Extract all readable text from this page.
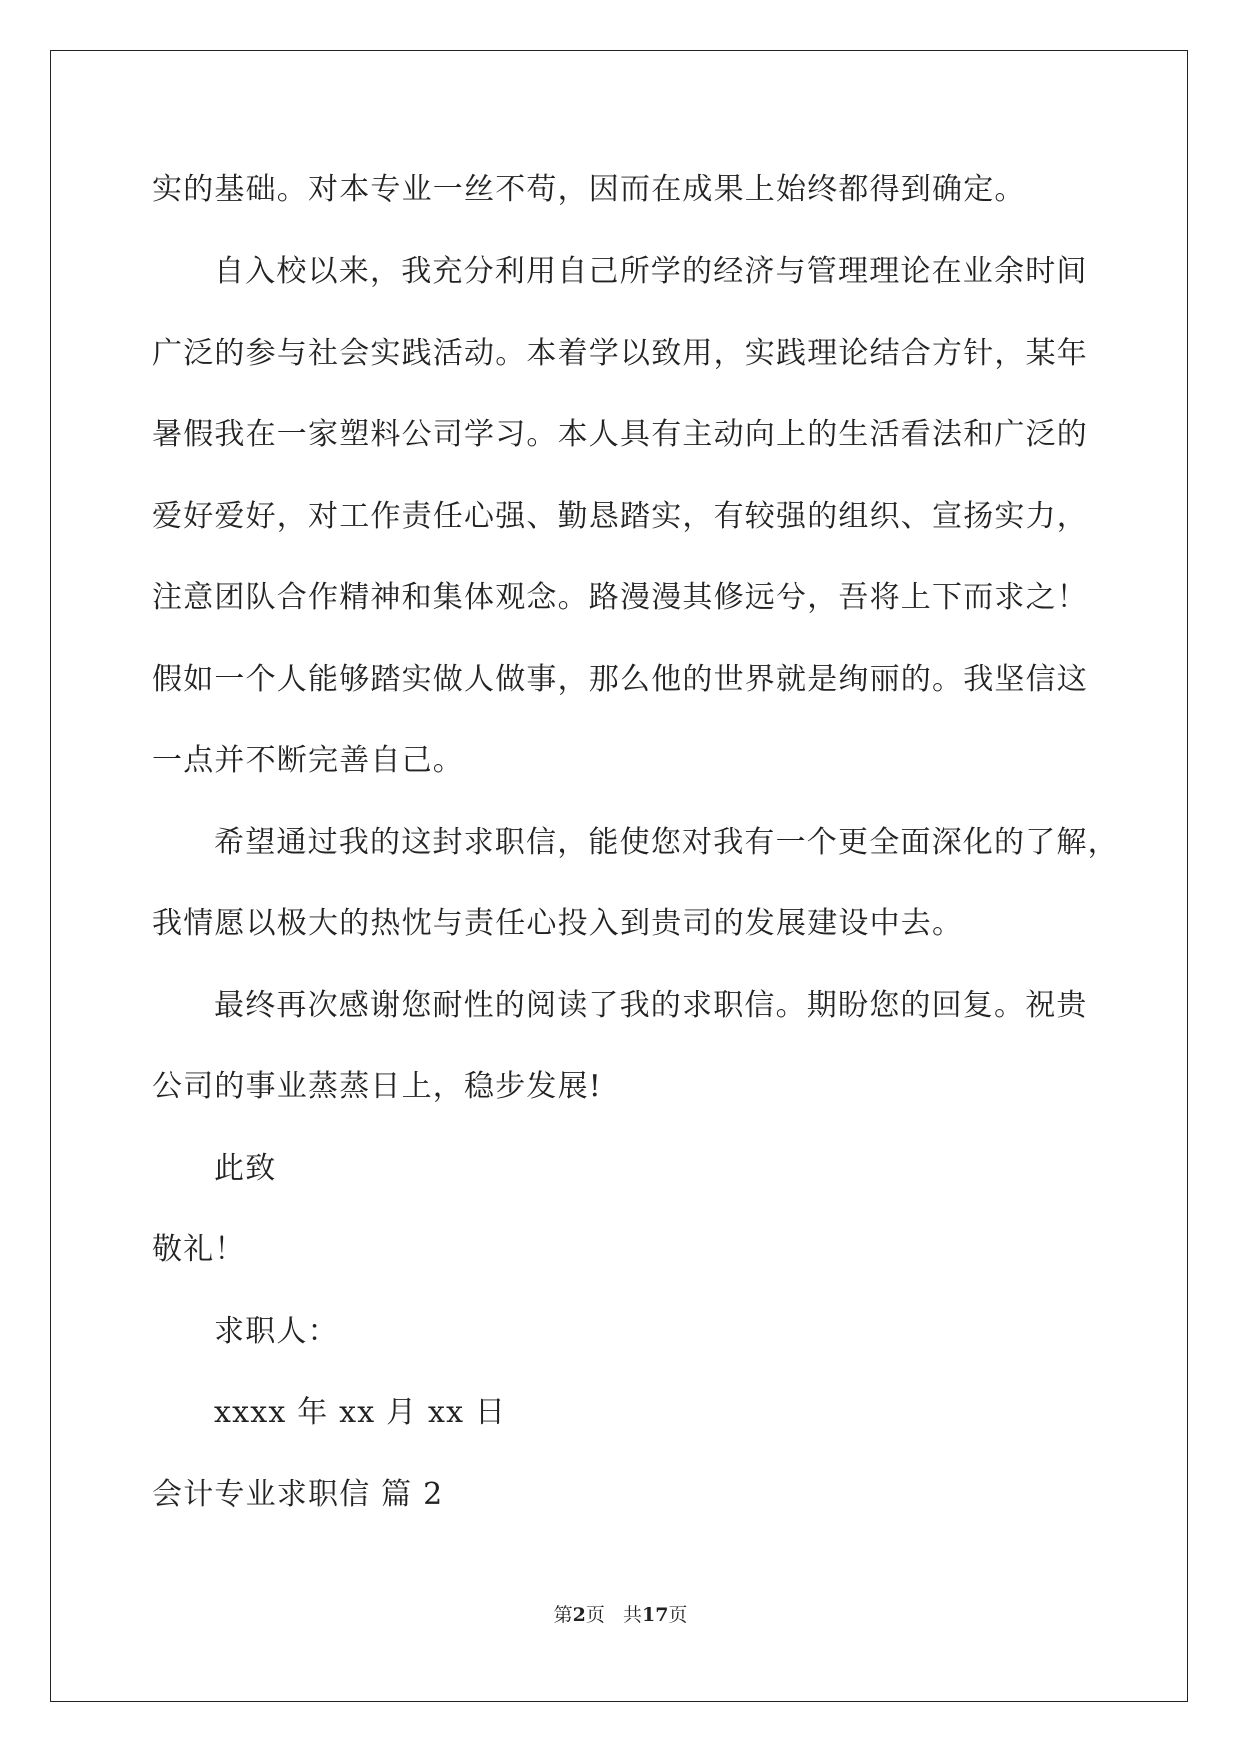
实的基础。对本专业一丝不苟，因而在成果上始终都得到确定。
自入校以来，我充分利用自己所学的经济与管理理论在业余时间
广泛的参与社会实践活动。本着学以致用，实践理论结合方针，某年
暑假我在一家塑料公司学习。本人具有主动向上的生活看法和广泛的
爱好爱好，对工作责任心强、勤恳踏实，有较强的组织、宣扬实力，
注意团队合作精神和集体观念。路漫漫其修远兮，吾将上下而求之！
假如一个人能够踏实做人做事，那么他的世界就是绚丽的。我坚信这
一点并不断完善自己。
希望通过我的这封求职信，能使您对我有一个更全面深化的了解，
我情愿以极大的热忱与责任心投入到贵司的发展建设中去。
最终再次感谢您耐性的阅读了我的求职信。期盼您的回复。祝贵
公司的事业蒸蒸日上，稳步发展!
此致
敬礼！
求职人：
xxxx 年 xx 月 xx 日
会计专业求职信 篇 2
第2页 共17页
